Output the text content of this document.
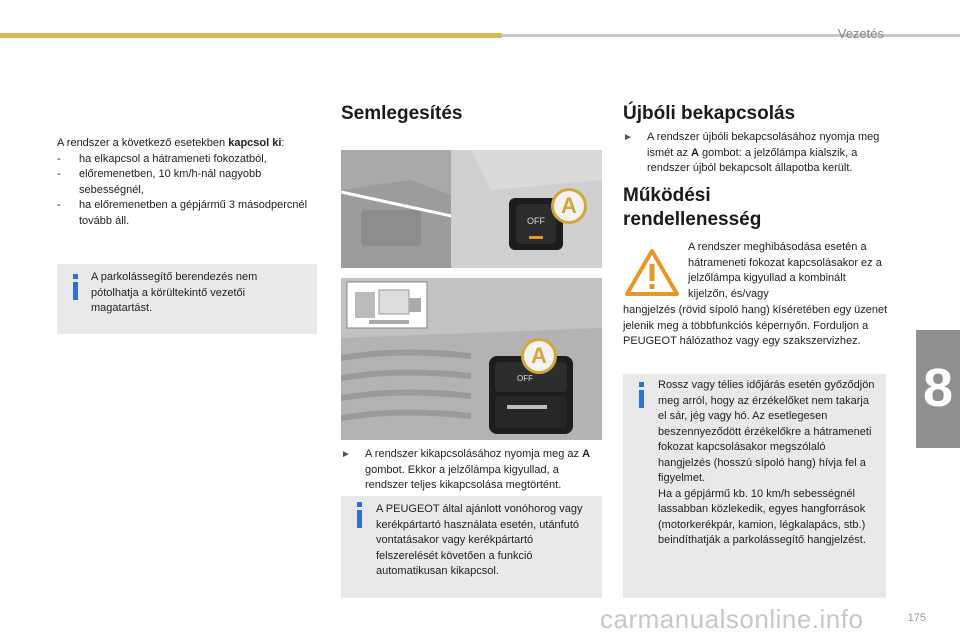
Vezetés
8
A rendszer a következő esetekben kapcsol ki:
- ha elkapcsol a hátrameneti fokozatból,
- előremenetben, 10 km/h-nál nagyobb sebességnél,
- ha előremenetben a gépjármű 3 másodpercnél tovább áll.
A parkolássegítő berendezés nem pótolhatja a körültekintő vezetői magatartást.
Semlegesítés
OFF
A
OFF
A
► A rendszer kikapcsolásához nyomja meg az A gombot. Ekkor a jelzőlámpa kigyullad, a rendszer teljes kikapcsolása megtörtént.
A PEUGEOT által ajánlott vonóhorog vagy kerékpártartó használata esetén, utánfutó vontatásakor vagy kerékpártartó felszerelését követően a funkció automatikusan kikapcsol.
Újbóli bekapcsolás
► A rendszer újbóli bekapcsolásához nyomja meg ismét az A gombot: a jelzőlámpa kialszik, a rendszer újból bekapcsolt állapotba került.
Működési rendellenesség
A rendszer meghibásodása esetén a hátrameneti fokozat kapcsolásakor ez a jelzőlámpa kigyullad a kombinált kijelzőn, és/vagy
hangjelzés (rövid sípoló hang) kíséretében egy üzenet jelenik meg a többfunkciós képernyőn. Forduljon a PEUGEOT hálózathoz vagy egy szakszervizhez.
Rossz vagy télies időjárás esetén győződjön meg arról, hogy az érzékelőket nem takarja el sár, jég vagy hó. Az esetlegesen beszennyeződött érzékelőkre a hátrameneti fokozat kapcsolásakor megszólaló hangjelzés (hosszú sípoló hang) hívja fel a figyelmet.
Ha a gépjármű kb. 10 km/h sebességnél lassabban közlekedik, egyes hangforrások (motorkerékpár, kamion, légkalapács, stb.) beindíthatják a parkolássegítő hangjelzést.
carmanualsonline.info	175
